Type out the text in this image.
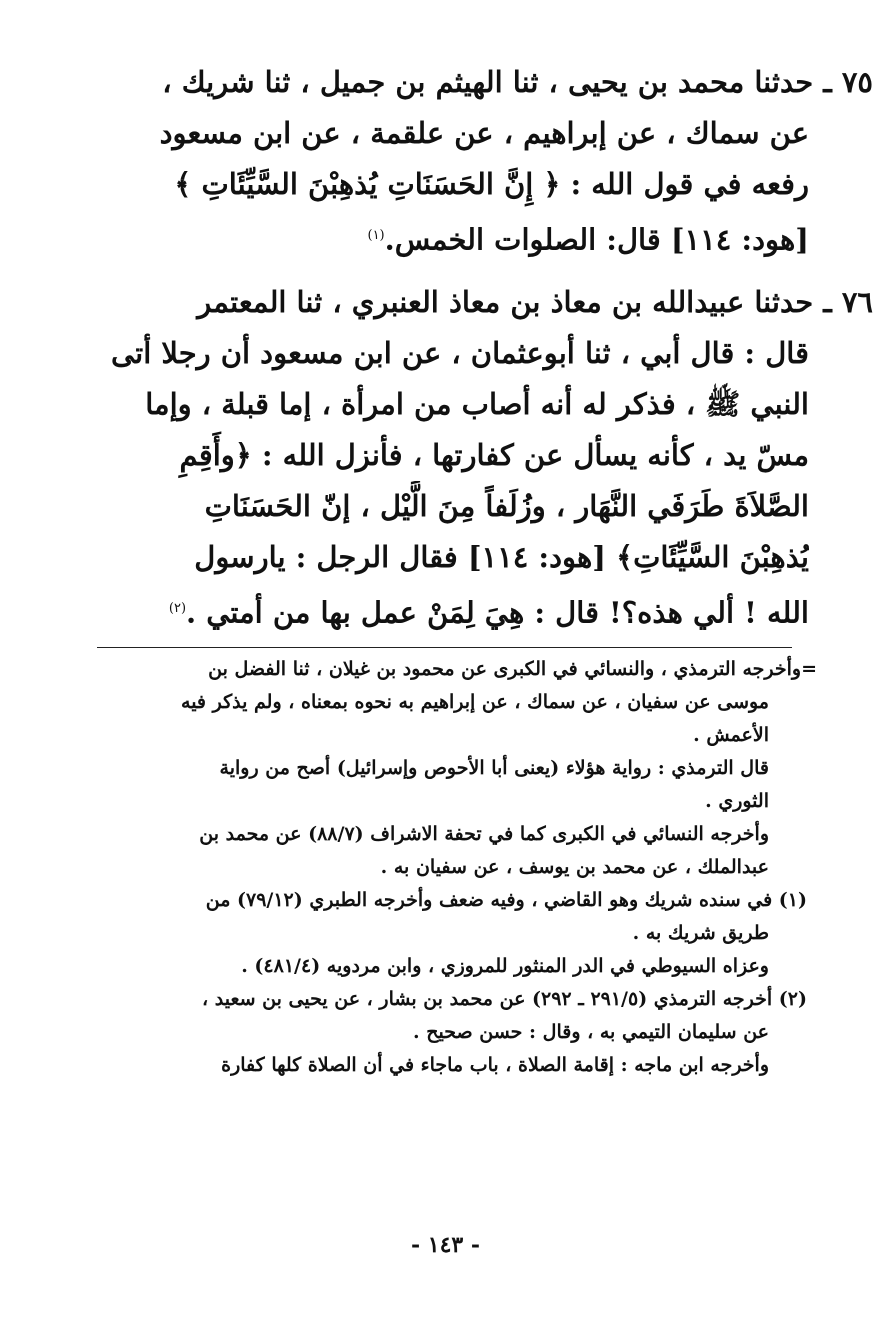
٧٥ ـ حدثنا محمد بن يحيى ، ثنا الهيثم بن جميل ، ثنا شريك ،
عن سماك ، عن إبراهيم ، عن علقمة ، عن ابن مسعود
رفعه في قول الله : ﴿ إِنَّ الحَسَنَاتِ يُذهِبْنَ السَّيِّئَاتِ ﴾
[هود: ١١٤] قال: الصلوات الخمس.$^{(١)}$
٧٦ ـ حدثنا عبيدالله بن معاذ بن معاذ العنبري ، ثنا المعتمر
قال : قال أبي ، ثنا أبوعثمان ، عن ابن مسعود أن رجلا أتى
النبي ﷺ ، فذكر له أنه أصاب من امرأة ، إما قبلة ، وإما
مسّ يد ، كأنه يسأل عن كفارتها ، فأنزل الله : ﴿وأَقِمِ
الصَّلاَةَ طَرَفَي النَّهَار ، وزُلَفاً مِنَ الَّيْل ، إنّ الحَسَنَاتِ
يُذهِبْنَ السَّيِّئَاتِ﴾ [هود: ١١٤] فقال الرجل : يارسول
الله ! ألي هذه؟! قال : هِيَ لِمَنْ عمل بها من أمتي .$^{(٢)}$
=وأخرجه الترمذي ، والنسائي في الكبرى عن محمود بن غيلان ، ثنا الفضل بن
موسى عن سفيان ، عن سماك ، عن إبراهيم به نحوه بمعناه ، ولم يذكر فيه
الأعمش .
قال الترمذي : رواية هؤلاء (يعنى أبا الأحوص وإسرائيل) أصح من رواية
الثوري .
وأخرجه النسائي في الكبرى كما في تحفة الاشراف (٨٨/٧) عن محمد بن
عبدالملك ، عن محمد بن يوسف ، عن سفيان به .
(١) في سنده شريك وهو القاضي ، وفيه ضعف وأخرجه الطبري (٧٩/١٢) من
طريق شريك به .
وعزاه السيوطي في الدر المنثور للمروزي ، وابن مردويه (٤٨١/٤) .
(٢) أخرجه الترمذي (٢٩١/٥ ـ ٢٩٢) عن محمد بن بشار ، عن يحيى بن سعيد ،
عن سليمان التيمي به ، وقال : حسن صحيح .
وأخرجه ابن ماجه : إقامة الصلاة ، باب ماجاء في أن الصلاة كلها كفارة
- ١٤٣ -
